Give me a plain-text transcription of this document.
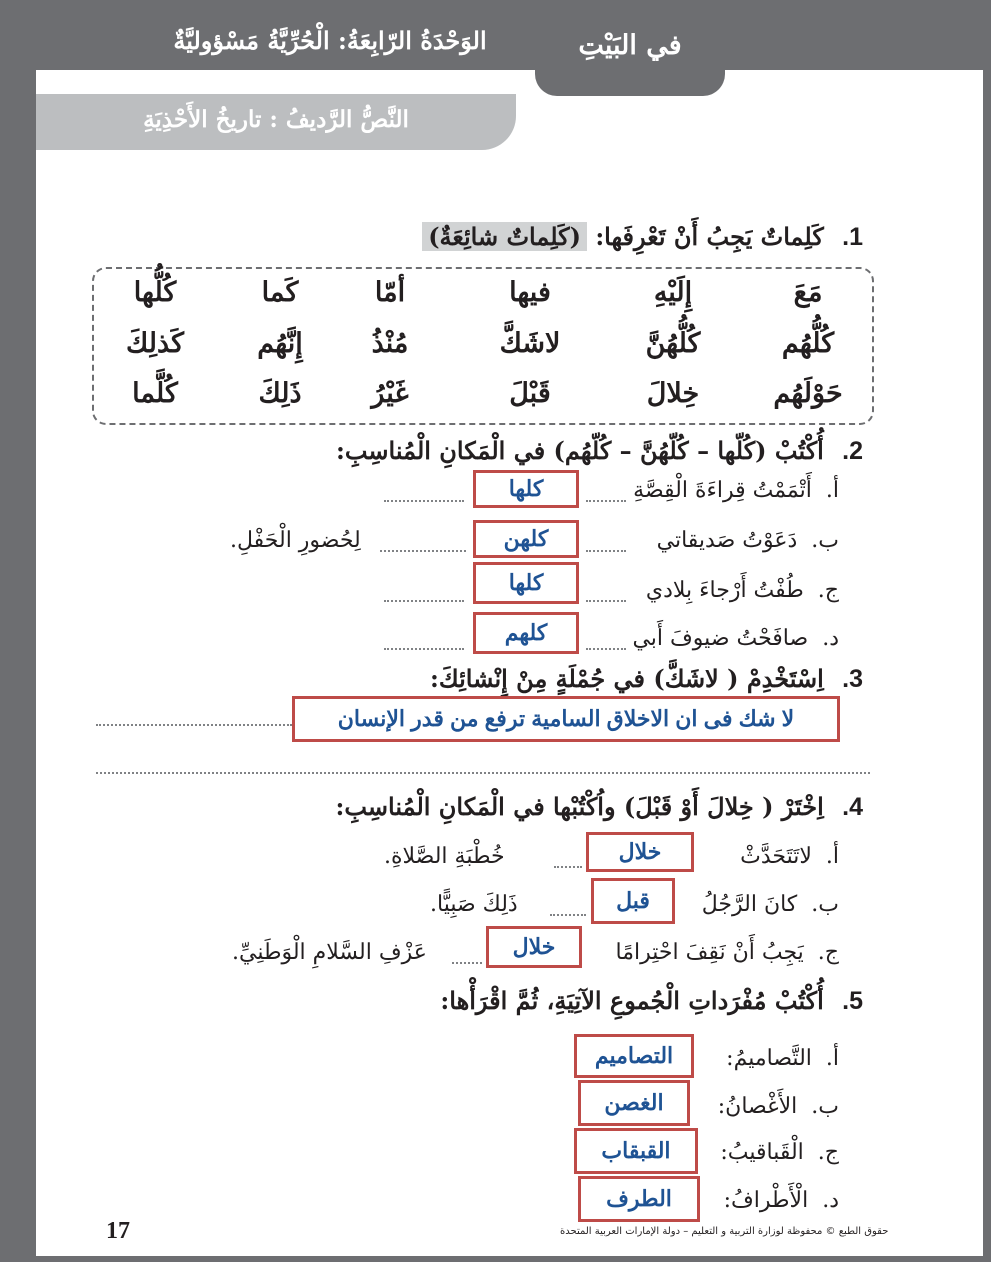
في البَيْتِ
الوَحْدَةُ الرّابِعَةُ: الْحُرِّيَّةُ مَسْؤوليَّةٌ
النَّصُّ الرَّديفُ : تاريخُ الأَحْذِيَةِ
1. كَلِماتٌ يَجِبُ أَنْ تَعْرِفَها: (كَلِماتٌ شائِعَةٌ)
مَعَ
إِلَيْهِ
فيها
أمّا
كَما
كُلُّها
كُلُّهُم
كُلُّهُنَّ
لاشَكَّ
مُنْذُ
إِنَّهُم
كَذلِكَ
حَوْلَهُم
خِلالَ
قَبْلَ
غَيْرُ
ذَلِكَ
كُلَّما
2. أُكْتُبْ (كُلّها – كُلّهُنَّ – كُلّهُم) في الْمَكانِ الْمُناسِبِ:
أ.  أَتْمَمْتُ قِراءَةَ الْقِصَّةِ
كلها
ب.  دَعَوْتُ صَديقاتي
كلهن
لِحُضورِ الْحَفْلِ.
ج.  طُفْتُ أَرْجاءَ بِلادي
كلها
د.  صافَحْتُ ضيوفَ أَبي
كلهم
3. اِسْتَخْدِمْ ( لاشَكَّ) في جُمْلَةٍ مِنْ إِنْشائِكَ:
لا شك فى ان الاخلاق السامية ترفع من قدر الإنسان
4. اِخْتَرْ ( خِلالَ أَوْ قَبْلَ) واُكْتُبْها في الْمَكانِ الْمُناسِبِ:
أ.  لاتَتَحَدَّثْ
خلال
خُطْبَةِ الصَّلاةِ.
ب.  كانَ الرَّجُلُ
قبل
ذَلِكَ صَبِيًّا.
ج.  يَجِبُ أَنْ نَقِفَ احْتِرامًا
خلال
عَزْفِ السَّلامِ الْوَطَنِيِّ.
5. أُكْتُبْ مُفْرَداتِ الْجُموعِ الآتِيَةِ، ثُمَّ اقْرَأْها:
أ.  التَّصاميمُ:
التصاميم
ب.  الأَغْصانُ:
الغصن
ج.  الْقَباقيبُ:
القبقاب
د.  الْأَطْرافُ:
الطرف
حقوق الطبع © محفوظة لوزارة التربية و التعليم – دولة الإمارات العربية المتحدة
17
